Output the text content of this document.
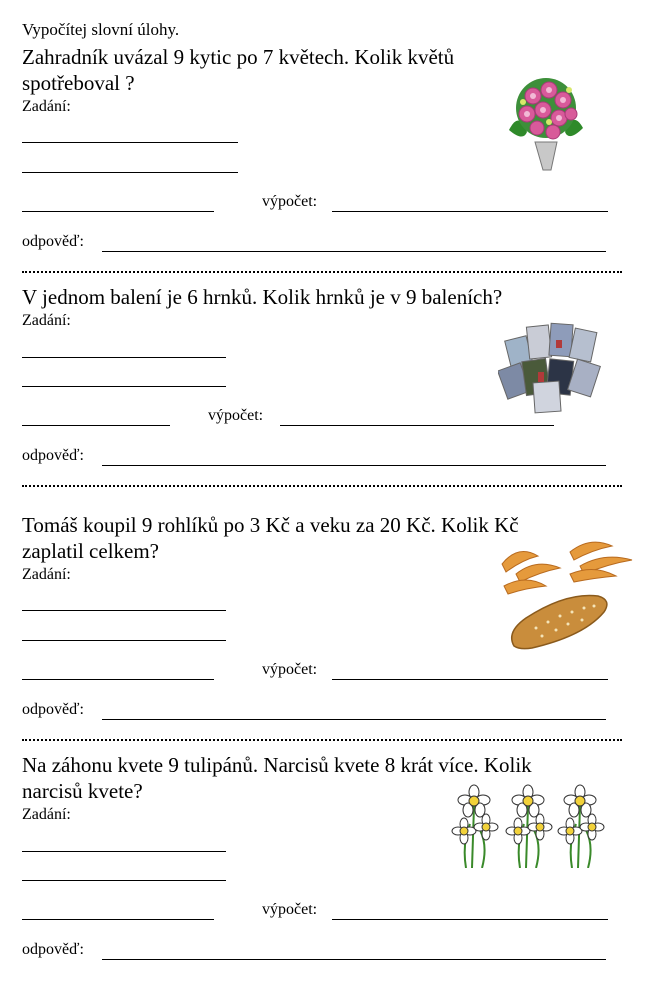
Vypočítej slovní úlohy.
Zahradník uvázal 9 kytic po 7 květech. Kolik květů
spotřeboval ?
Zadání:
výpočet:
odpověď:
V jednom balení je 6 hrnků. Kolik hrnků je v 9 baleních?
Zadání:
výpočet:
odpověď:
Tomáš koupil 9 rohlíků po 3 Kč a veku za 20 Kč. Kolik Kč
zaplatil celkem?
Zadání:
výpočet:
odpověď:
Na záhonu kvete 9 tulipánů. Narcisů kvete 8 krát více. Kolik
narcisů kvete?
Zadání:
výpočet:
odpověď:
